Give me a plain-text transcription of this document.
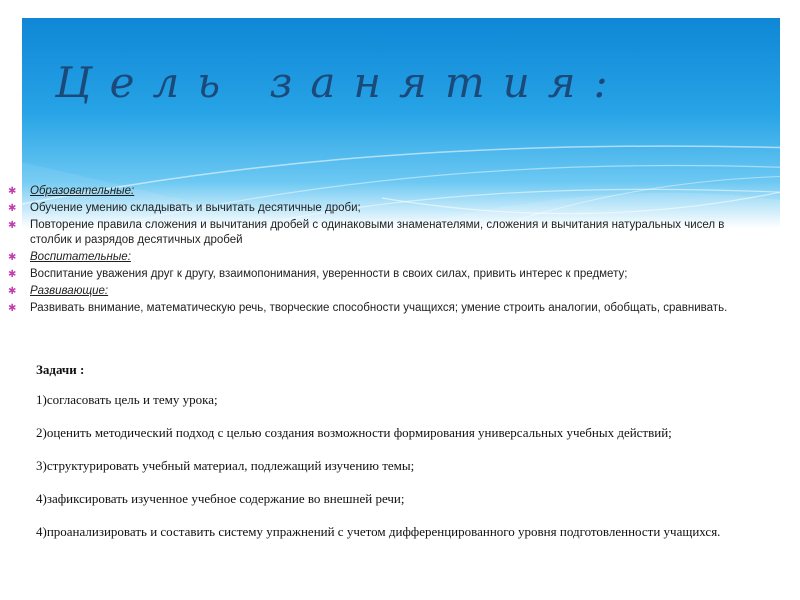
Цель занятия:
✱	Образовательные:
✱	Обучение умению складывать и вычитать десятичные дроби;
✱	Повторение правила сложения и вычитания дробей с одинаковыми знаменателями, сложения и вычитания натуральных чисел в столбик и разрядов десятичных дробей
✱	Воспитательные:
✱	Воспитание уважения друг к другу, взаимопонимания, уверенности в своих силах, привить интерес к предмету;
✱	Развивающие:
✱	Развивать внимание, математическую речь, творческие способности учащихся; умение строить аналогии, обобщать, сравнивать.

Задачи :

1)согласовать цель и тему урока;

2)оценить методический подход с целью создания возможности формирования универсальных учебных действий;

3)структурировать учебный материал, подлежащий изучению темы;

4)зафиксировать изученное учебное содержание во внешней речи;

4)проанализировать и составить систему упражнений с учетом дифференцированного уровня подготовленности учащихся.
